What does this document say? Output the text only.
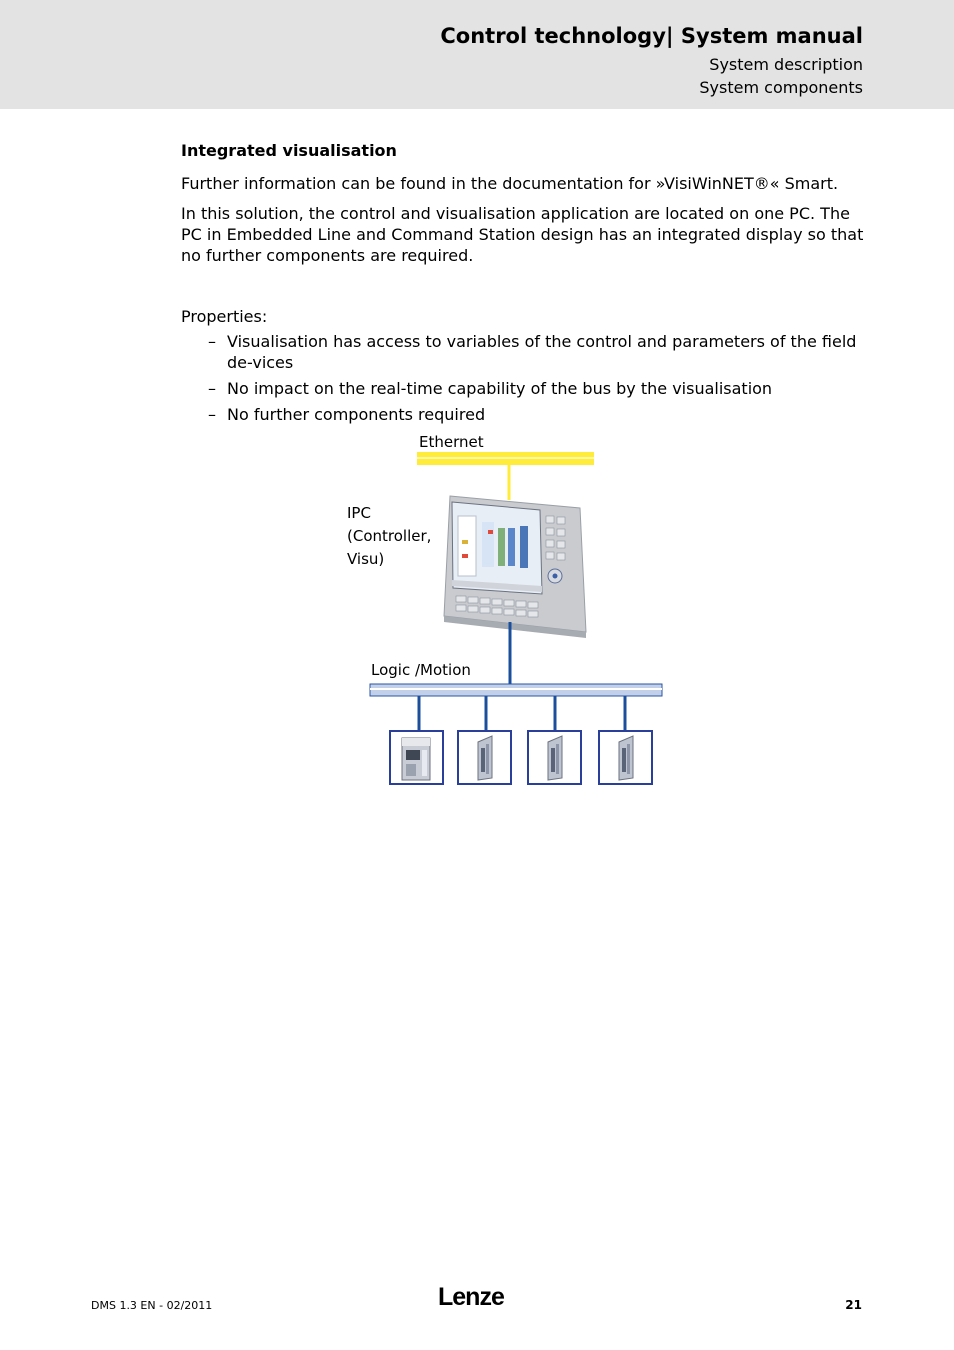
Control technology| System manual
System description
System components
Integrated visualisation
Further information can be found in the documentation for »VisiWinNET®« Smart.
In this solution, the control and visualisation application are located on one PC. The PC in Embedded Line and Command Station design has an integrated display so that no further components are required.
Properties:
– Visualisation has access to variables of the control and parameters of the field de-vices
– No impact on the real-time capability of the bus by the visualisation
– No further components required
Ethernet
IPC
(Controller,
Visu)
Logic /Motion
DMS 1.3 EN - 02/2011	Lenze	21
